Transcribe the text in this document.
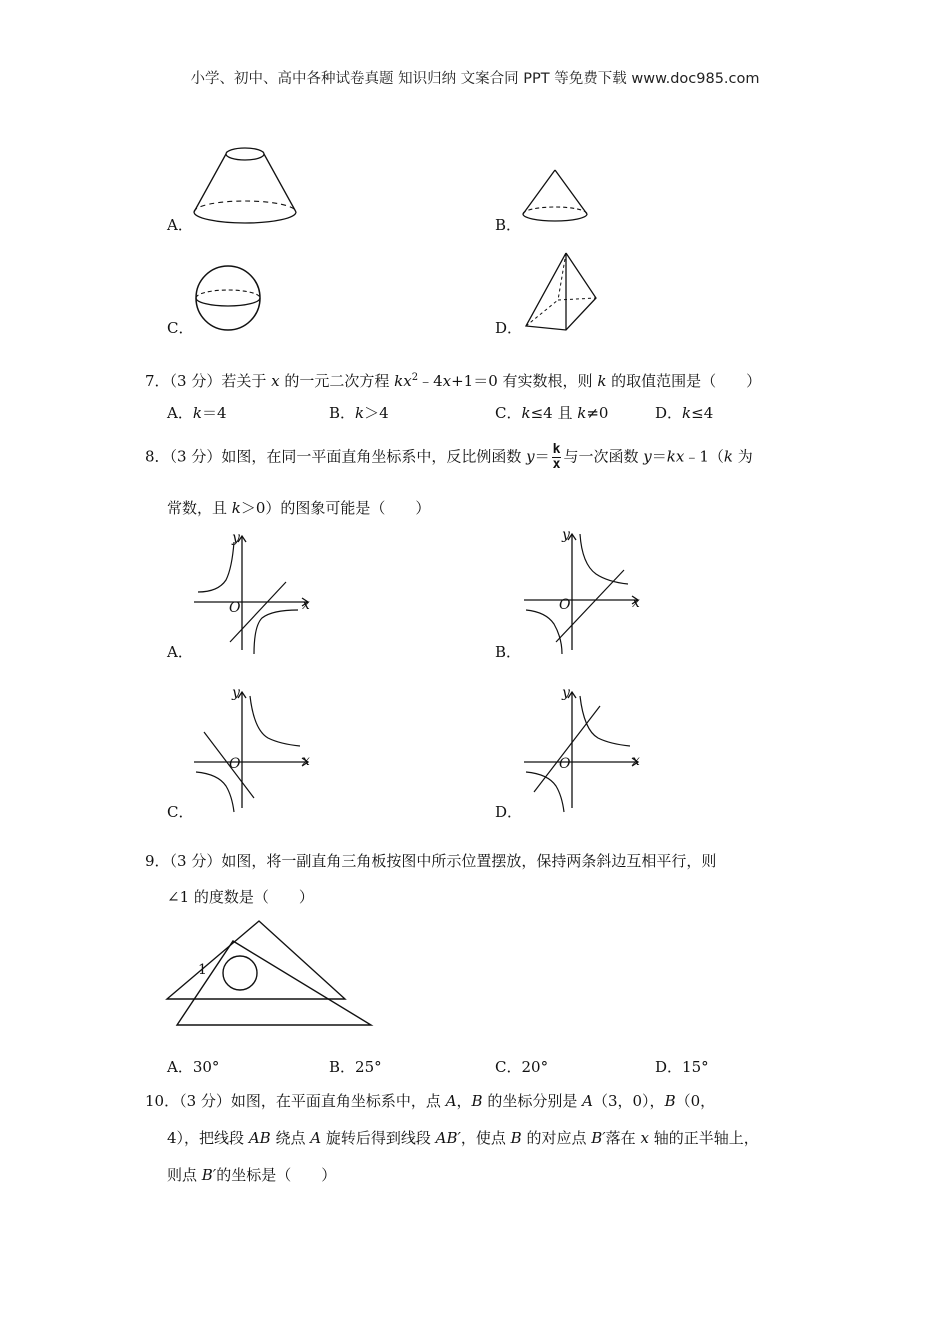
小学、初中、高中各种试卷真题 知识归纳 文案合同 PPT 等免费下载 www.doc985.com
A．	B．
C．	D．
7．（3 分）若关于 x 的一元二次方程 $kx^2﹣4x+1=0$ 有实数根，则 k 的取值范围是（　　）
A．k＝4	B．k＞4	C．k≤4 且 k≠0	D．k≤4
8．（3 分）如图，在同一平面直角坐标系中，反比例函数 $y= \frac{k}{x}$ 与一次函数 y＝kx﹣1（k 为
常数，且 k＞0）的图象可能是（　　）
A．
y
x
O
B．
y
x
O
C．
y
x
O
D．
y
x
O
9．（3 分）如图，将一副直角三角板按图中所示位置摆放，保持两条斜边互相平行，则
∠1 的度数是（　　）
1
A．30°	B．25°	C．20°	D．15°
10．（3 分）如图，在平面直角坐标系中，点 A，B 的坐标分别是 A（3，0），B（0，
4），把线段 AB 绕点 A 旋转后得到线段 AB′，使点 B 的对应点 B′落在 x 轴的正半轴上，
则点 B′的坐标是（　　）
